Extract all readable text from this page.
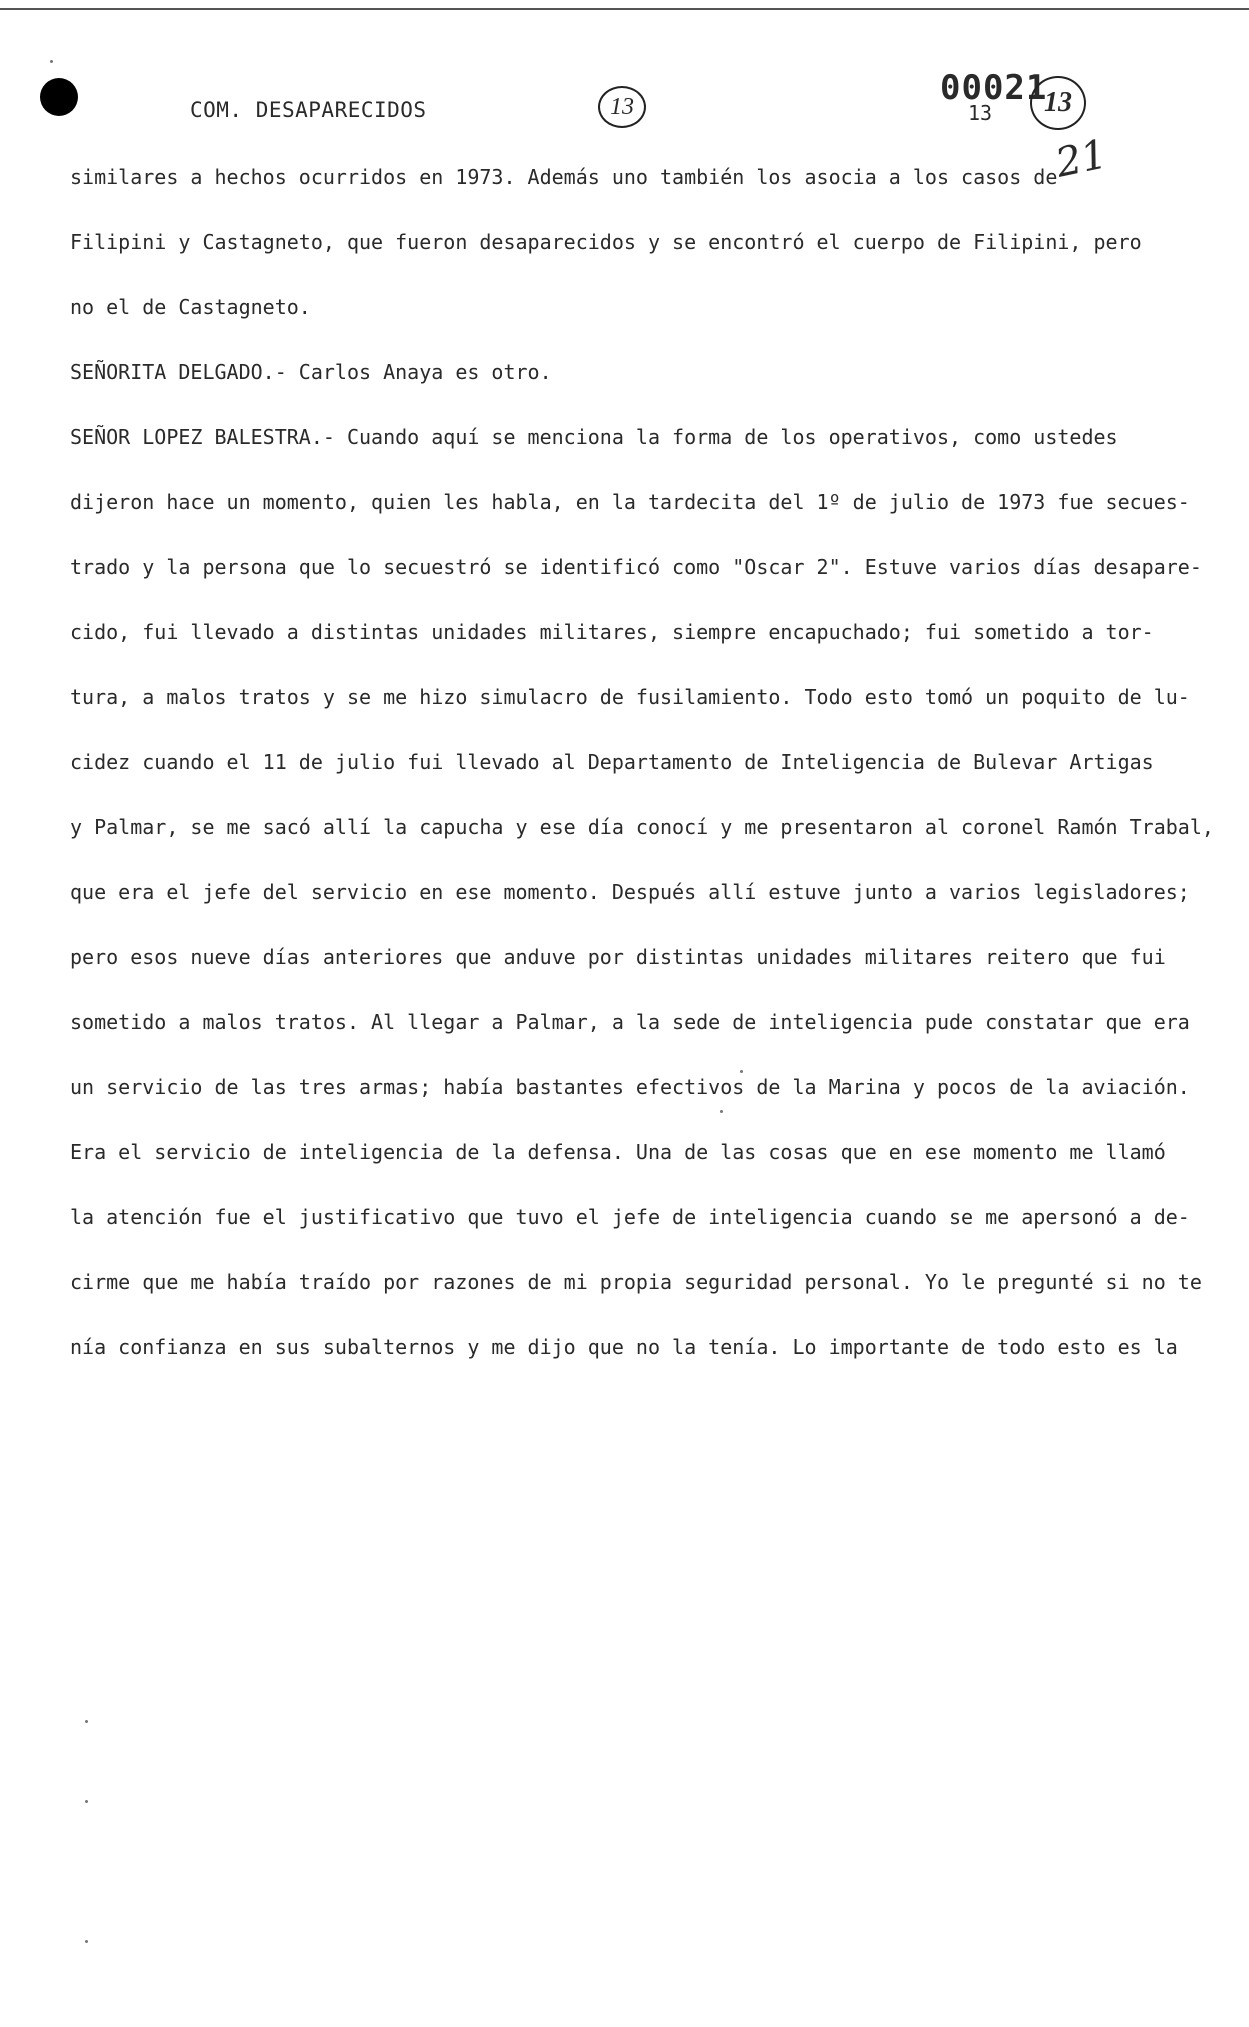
COM. DESAPARECIDOS	13	00021
13	13
21
similares a hechos ocurridos en 1973. Además uno también los asocia a los casos de
Filipini y Castagneto, que fueron desaparecidos y se encontró el cuerpo de Filipini, pero
no el de Castagneto.
SEÑORITA DELGADO.- Carlos Anaya es otro.
SEÑOR LOPEZ BALESTRA.- Cuando aquí se menciona la forma de los operativos, como ustedes
dijeron hace un momento, quien les habla, en la tardecita del 1º de julio de 1973 fue secues-
trado y la persona que lo secuestró se identificó como "Oscar 2". Estuve varios días desapare-
cido, fui llevado a distintas unidades militares, siempre encapuchado; fui sometido a tor-
tura, a malos tratos y se me hizo simulacro de fusilamiento. Todo esto tomó un poquito de lu-
cidez cuando el 11 de julio fui llevado al Departamento de Inteligencia de Bulevar Artigas
y Palmar, se me sacó allí la capucha y ese día conocí y me presentaron al coronel Ramón Trabal,
que era el jefe del servicio en ese momento. Después allí estuve junto a varios legisladores;
pero esos nueve días anteriores que anduve por distintas unidades militares reitero que fui
sometido a malos tratos. Al llegar a Palmar, a la sede de inteligencia pude constatar que era
un servicio de las tres armas; había bastantes efectivos de la Marina y pocos de la aviación.
Era el servicio de inteligencia de la defensa. Una de las cosas que en ese momento me llamó
la atención fue el justificativo que tuvo el jefe de inteligencia cuando se me apersonó a de-
cirme que me había traído por razones de mi propia seguridad personal. Yo le pregunté si no te
nía confianza en sus subalternos y me dijo que no la tenía. Lo importante de todo esto es la
